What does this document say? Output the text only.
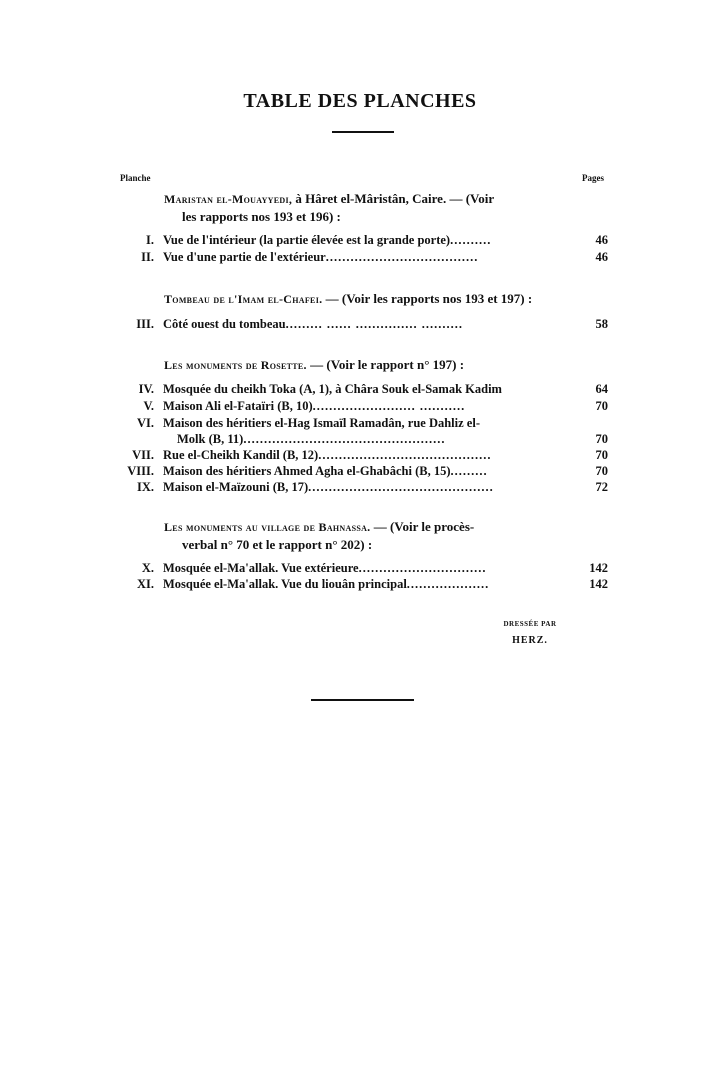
TABLE DES PLANCHES
Planche	Pages
Maristan el-Mouayyedi, à Hâret el-Mâristân, Caire. — (Voir
les rapports nos 193 et 196) :
I. Vue de l'intérieur (la partie élevée est la grande porte)..........	46
II. Vue d'une partie de l'extérieur.....................................	46
Tombeau de l'Imam el-Chafei. — (Voir les rapports nos 193 et 197) :
III. Côté ouest du tombeau......... ...... ............... ..........	58
Les monuments de Rosette. — (Voir le rapport n° 197) :
IV. Mosquée du cheikh Toka (A, 1), à Châra Souk el-Samak Kadim	64
V. Maison Ali el-Fataïri (B, 10)......................... ...........	70
VI. Maison des héritiers el-Hag Ismaïl Ramadân, rue Dahliz el-
Molk (B, 11).................................................	70
VII. Rue el-Cheikh Kandil (B, 12)..........................................	70
VIII. Maison des héritiers Ahmed Agha el-Ghabâchi (B, 15).........	70
IX. Maison el-Maïzouni (B, 17).............................................	72
Les monuments au village de Bahnassa. — (Voir le procès-
verbal n° 70 et le rapport n° 202) :
X. Mosquée el-Ma'allak. Vue extérieure...............................	142
XI. Mosquée el-Ma'allak. Vue du liouân principal....................	142
DRESSÉE PAR
HERZ.
